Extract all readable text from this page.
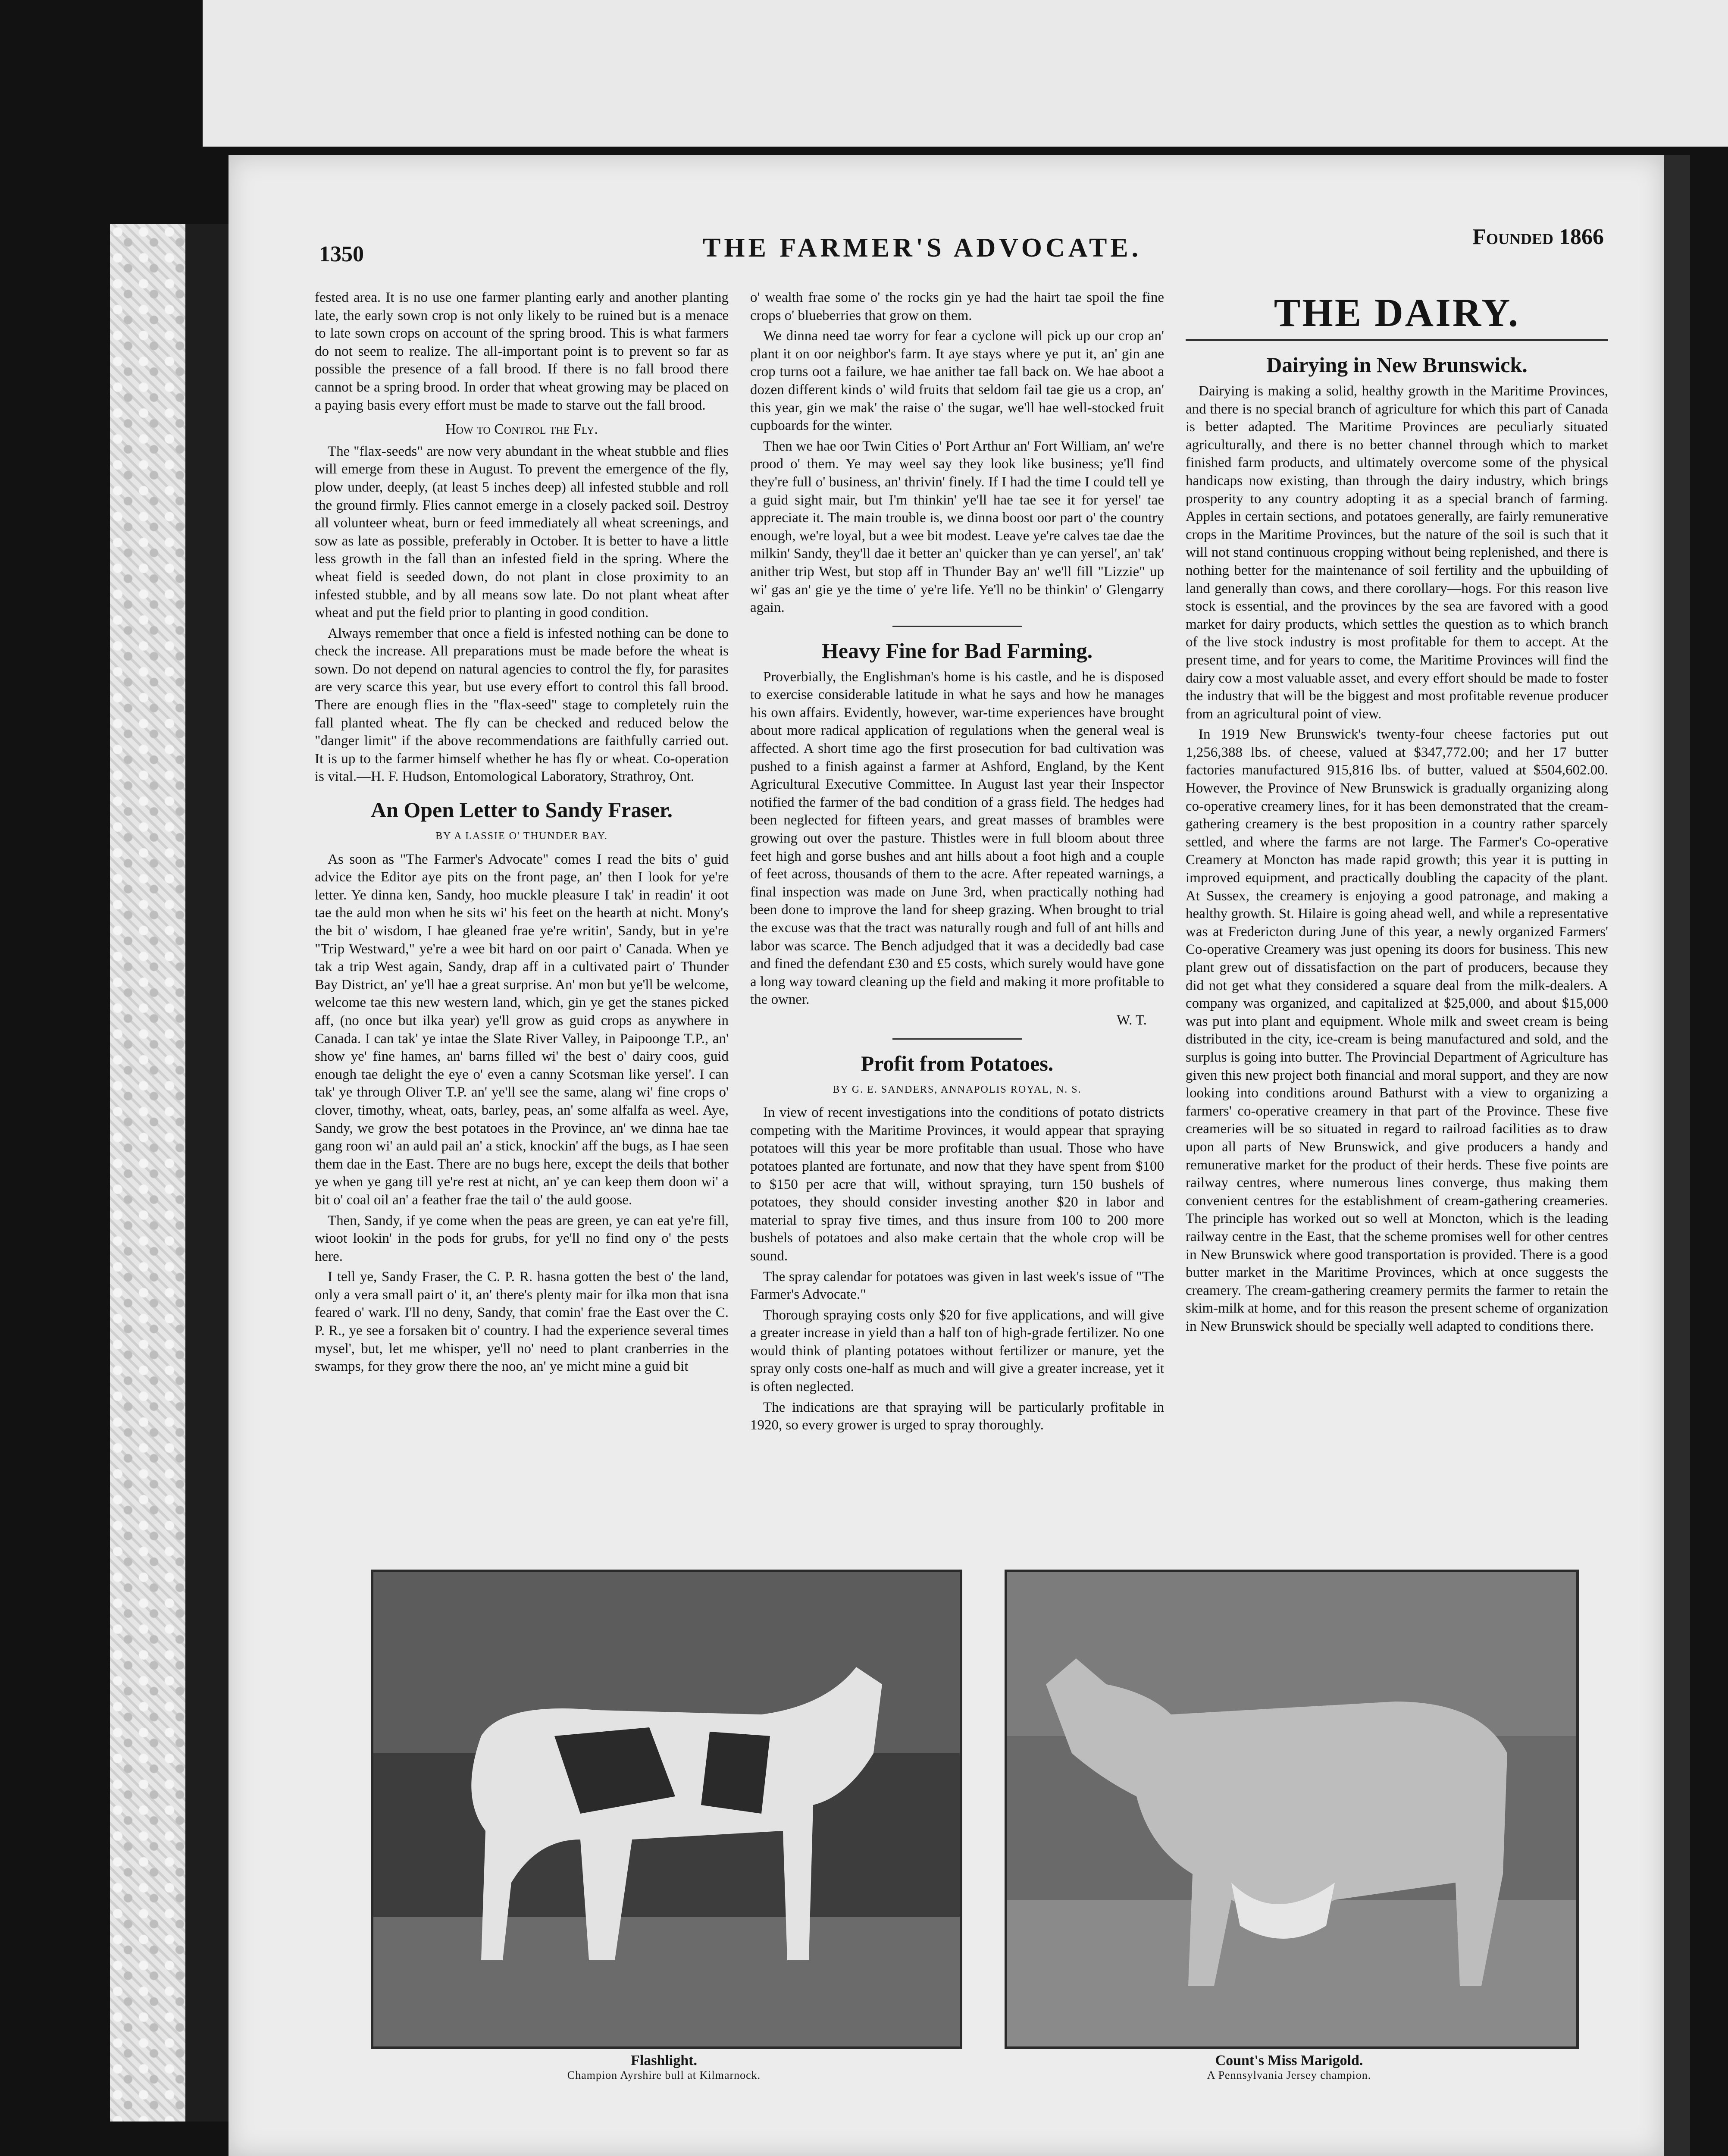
1350	THE FARMER'S ADVOCATE.	Founded 1866

fested area. It is no use one farmer planting early and another planting late, the early sown crop is not only likely to be ruined but is a menace to late sown crops on account of the spring brood. This is what farmers do not seem to realize. The all-important point is to prevent so far as possible the presence of a fall brood. If there is no fall brood there cannot be a spring brood. In order that wheat growing may be placed on a paying basis every effort must be made to starve out the fall brood.

How to Control the Fly.

The "flax-seeds" are now very abundant in the wheat stubble and flies will emerge from these in August. To prevent the emergence of the fly, plow under, deeply, (at least 5 inches deep) all infested stubble and roll the ground firmly. Flies cannot emerge in a closely packed soil. Destroy all volunteer wheat, burn or feed immediately all wheat screenings, and sow as late as possible, preferably in October. It is better to have a little less growth in the fall than an infested field in the spring. Where the wheat field is seeded down, do not plant in close proximity to an infested stubble, and by all means sow late. Do not plant wheat after wheat and put the field prior to planting in good condition.

Always remember that once a field is infested nothing can be done to check the increase. All preparations must be made before the wheat is sown. Do not depend on natural agencies to control the fly, for parasites are very scarce this year, but use every effort to control this fall brood. There are enough flies in the "flax-seed" stage to completely ruin the fall planted wheat. The fly can be checked and reduced below the "danger limit" if the above recommendations are faithfully carried out. It is up to the farmer himself whether he has fly or wheat. Co-operation is vital.—H. F. Hudson, Entomological Laboratory, Strathroy, Ont.

An Open Letter to Sandy Fraser.
BY A LASSIE O' THUNDER BAY.

As soon as "The Farmer's Advocate" comes I read the bits o' guid advice the Editor aye pits on the front page, an' then I look for ye're letter. Ye dinna ken, Sandy, hoo muckle pleasure I tak' in readin' it oot tae the auld mon when he sits wi' his feet on the hearth at nicht. Mony's the bit o' wisdom, I hae gleaned frae ye're writin', Sandy, but in ye're "Trip Westward," ye're a wee bit hard on oor pairt o' Canada. When ye tak a trip West again, Sandy, drap aff in a cultivated pairt o' Thunder Bay District, an' ye'll hae a great surprise. An' mon but ye'll be welcome, welcome tae this new western land, which, gin ye get the stanes picked aff, (no once but ilka year) ye'll grow as guid crops as anywhere in Canada. I can tak' ye intae the Slate River Valley, in Paipoonge T.P., an' show ye' fine hames, an' barns filled wi' the best o' dairy coos, guid enough tae delight the eye o' even a canny Scotsman like yersel'. I can tak' ye through Oliver T.P. an' ye'll see the same, alang wi' fine crops o' clover, timothy, wheat, oats, barley, peas, an' some alfalfa as weel. Aye, Sandy, we grow the best potatoes in the Province, an' we dinna hae tae gang roon wi' an auld pail an' a stick, knockin' aff the bugs, as I hae seen them dae in the East. There are no bugs here, except the deils that bother ye when ye gang till ye're rest at nicht, an' ye can keep them doon wi' a bit o' coal oil an' a feather frae the tail o' the auld goose.

Then, Sandy, if ye come when the peas are green, ye can eat ye're fill, wioot lookin' in the pods for grubs, for ye'll no find ony o' the pests here.

I tell ye, Sandy Fraser, the C. P. R. hasna gotten the best o' the land, only a vera small pairt o' it, an' there's plenty mair for ilka mon that isna feared o' wark. I'll no deny, Sandy, that comin' frae the East over the C. P. R., ye see a forsaken bit o' country. I had the experience several times mysel', but, let me whisper, ye'll no' need to plant cranberries in the swamps, for they grow there the noo, an' ye micht mine a guid bit

o' wealth frae some o' the rocks gin ye had the hairt tae spoil the fine crops o' blueberries that grow on them.

We dinna need tae worry for fear a cyclone will pick up our crop an' plant it on oor neighbor's farm. It aye stays where ye put it, an' gin ane crop turns oot a failure, we hae anither tae fall back on. We hae aboot a dozen different kinds o' wild fruits that seldom fail tae gie us a crop, an' this year, gin we mak' the raise o' the sugar, we'll hae well-stocked fruit cupboards for the winter.

Then we hae oor Twin Cities o' Port Arthur an' Fort William, an' we're prood o' them. Ye may weel say they look like business; ye'll find they're full o' business, an' thrivin' finely. If I had the time I could tell ye a guid sight mair, but I'm thinkin' ye'll hae tae see it for yersel' tae appreciate it. The main trouble is, we dinna boost oor part o' the country enough, we're loyal, but a wee bit modest. Leave ye're calves tae dae the milkin' Sandy, they'll dae it better an' quicker than ye can yersel', an' tak' anither trip West, but stop aff in Thunder Bay an' we'll fill "Lizzie" up wi' gas an' gie ye the time o' ye're life. Ye'll no be thinkin' o' Glengarry again.

Heavy Fine for Bad Farming.

Proverbially, the Englishman's home is his castle, and he is disposed to exercise considerable latitude in what he says and how he manages his own affairs. Evidently, however, war-time experiences have brought about more radical application of regulations when the general weal is affected. A short time ago the first prosecution for bad cultivation was pushed to a finish against a farmer at Ashford, England, by the Kent Agricultural Executive Committee. In August last year their Inspector notified the farmer of the bad condition of a grass field. The hedges had been neglected for fifteen years, and great masses of brambles were growing out over the pasture. Thistles were in full bloom about three feet high and gorse bushes and ant hills about a foot high and a couple of feet across, thousands of them to the acre. After repeated warnings, a final inspection was made on June 3rd, when practically nothing had been done to improve the land for sheep grazing. When brought to trial the excuse was that the tract was naturally rough and full of ant hills and labor was scarce. The Bench adjudged that it was a decidedly bad case and fined the defendant £30 and £5 costs, which surely would have gone a long way toward cleaning up the field and making it more profitable to the owner.

W. T.
Profit from Potatoes.
BY G. E. SANDERS, ANNAPOLIS ROYAL, N. S.

In view of recent investigations into the conditions of potato districts competing with the Maritime Provinces, it would appear that spraying potatoes will this year be more profitable than usual. Those who have potatoes planted are fortunate, and now that they have spent from $100 to $150 per acre that will, without spraying, turn 150 bushels of potatoes, they should consider investing another $20 in labor and material to spray five times, and thus insure from 100 to 200 more bushels of potatoes and also make certain that the whole crop will be sound.

The spray calendar for potatoes was given in last week's issue of "The Farmer's Advocate."

Thorough spraying costs only $20 for five applications, and will give a greater increase in yield than a half ton of high-grade fertilizer. No one would think of planting potatoes without fertilizer or manure, yet the spray only costs one-half as much and will give a greater increase, yet it is often neglected.

The indications are that spraying will be particularly profitable in 1920, so every grower is urged to spray thoroughly.

THE DAIRY.
Dairying in New Brunswick.

Dairying is making a solid, healthy growth in the Maritime Provinces, and there is no special branch of agriculture for which this part of Canada is better adapted. The Maritime Provinces are peculiarly situated agriculturally, and there is no better channel through which to market finished farm products, and ultimately overcome some of the physical handicaps now existing, than through the dairy industry, which brings prosperity to any country adopting it as a special branch of farming. Apples in certain sections, and potatoes generally, are fairly remunerative crops in the Maritime Provinces, but the nature of the soil is such that it will not stand continuous cropping without being replenished, and there is nothing better for the maintenance of soil fertility and the upbuilding of land generally than cows, and there corollary—hogs. For this reason live stock is essential, and the provinces by the sea are favored with a good market for dairy products, which settles the question as to which branch of the live stock industry is most profitable for them to accept. At the present time, and for years to come, the Maritime Provinces will find the dairy cow a most valuable asset, and every effort should be made to foster the industry that will be the biggest and most profitable revenue producer from an agricultural point of view.

In 1919 New Brunswick's twenty-four cheese factories put out 1,256,388 lbs. of cheese, valued at $347,772.00; and her 17 butter factories manufactured 915,816 lbs. of butter, valued at $504,602.00. However, the Province of New Brunswick is gradually organizing along co-operative creamery lines, for it has been demonstrated that the cream-gathering creamery is the best proposition in a country rather sparcely settled, and where the farms are not large. The Farmer's Co-operative Creamery at Moncton has made rapid growth; this year it is putting in improved equipment, and practically doubling the capacity of the plant. At Sussex, the creamery is enjoying a good patronage, and making a healthy growth. St. Hilaire is going ahead well, and while a representative was at Fredericton during June of this year, a newly organized Farmers' Co-operative Creamery was just opening its doors for business. This new plant grew out of dissatisfaction on the part of producers, because they did not get what they considered a square deal from the milk-dealers. A company was organized, and capitalized at $25,000, and about $15,000 was put into plant and equipment. Whole milk and sweet cream is being distributed in the city, ice-cream is being manufactured and sold, and the surplus is going into butter. The Provincial Department of Agriculture has given this new project both financial and moral support, and they are now looking into conditions around Bathurst with a view to organizing a farmers' co-operative creamery in that part of the Province. These five creameries will be so situated in regard to railroad facilities as to draw upon all parts of New Brunswick, and give producers a handy and remunerative market for the product of their herds. These five points are railway centres, where numerous lines converge, thus making them convenient centres for the establishment of cream-gathering creameries. The principle has worked out so well at Moncton, which is the leading railway centre in the East, that the scheme promises well for other centres in New Brunswick where good transportation is provided. There is a good butter market in the Maritime Provinces, which at once suggests the creamery. The cream-gathering creamery permits the farmer to retain the skim-milk at home, and for this reason the present scheme of organization in New Brunswick should be specially well adapted to conditions there.

Flashlight.
Champion Ayrshire bull at Kilmarnock.
Count's Miss Marigold.
A Pennsylvania Jersey champion.
